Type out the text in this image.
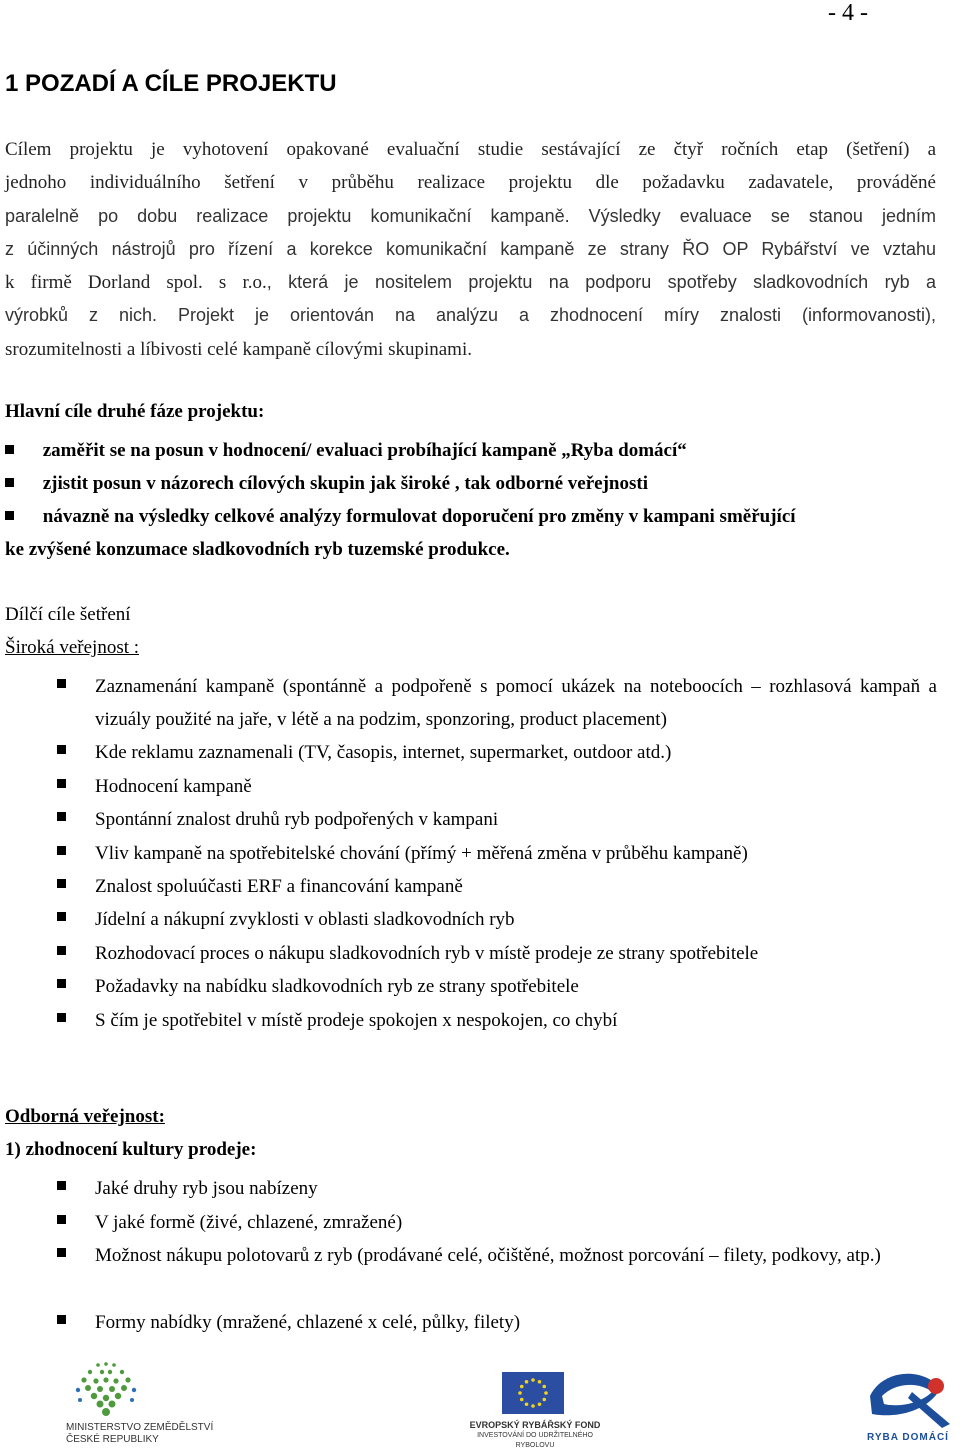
- 4 -
1 POZADÍ A CÍLE PROJEKTU
Cílem projektu je vyhotovení opakované evaluační studie sestávající ze čtyř ročních etap (šetření) a
jednoho individuálního šetření v průběhu realizace projektu dle požadavku zadavatele, prováděné
paralelně po dobu realizace projektu komunikační kampaně. Výsledky evaluace se stanou jedním
z účinných nástrojů pro řízení a korekce komunikační kampaně ze strany ŘO OP Rybářství ve vztahu
k firmě Dorland spol. s r.o., která je nositelem projektu na podporu spotřeby sladkovodních ryb a
výrobků z nich. Projekt je orientován na analýzu a zhodnocení míry znalosti (informovanosti),
srozumitelnosti a líbivosti celé kampaně cílovými skupinami.
Hlavní cíle druhé fáze projektu:
zaměřit se na posun v hodnocení/ evaluaci probíhající kampaně „Ryba domácí“
zjistit posun v názorech cílových skupin jak široké , tak odborné veřejnosti
návazně na výsledky celkové analýzy formulovat doporučení pro změny v kampani směřující
ke zvýšené konzumace sladkovodních ryb tuzemské produkce.
Dílčí cíle šetření
Široká veřejnost :
Zaznamenání kampaně (spontánně a podpořeně s pomocí ukázek na noteboocích – rozhlasová kampaň a vizuály použité na jaře, v létě a na podzim, sponzoring, product placement)
Kde reklamu zaznamenali (TV, časopis, internet, supermarket, outdoor atd.)
Hodnocení kampaně
Spontánní znalost druhů ryb podpořených v kampani
Vliv kampaně na spotřebitelské chování (přímý + měřená změna v průběhu kampaně)
Znalost spoluúčasti ERF a financování kampaně
Jídelní a nákupní zvyklosti v oblasti sladkovodních ryb
Rozhodovací proces o nákupu sladkovodních ryb v místě prodeje ze strany spotřebitele
Požadavky na nabídku sladkovodních ryb ze strany spotřebitele
S čím je spotřebitel v místě prodeje spokojen x nespokojen, co chybí
Odborná veřejnost:
1) zhodnocení kultury prodeje:
Jaké druhy ryb jsou nabízeny
V jaké formě (živé, chlazené, zmražené)
Možnost nákupu polotovarů z ryb (prodávané celé, očištěné, možnost porcování – filety, podkovy, atp.)
Formy nabídky (mražené, chlazené x celé, půlky, filety)
MINISTERSTVO ZEMĚDĚLSTVÍ
ČESKÉ REPUBLIKY
EVROPSKÝ RYBÁŘSKÝ FOND
INVESTOVÁNÍ DO UDRŽITELNÉHO
RYBOLOVU
RYBA DOMÁCÍ
